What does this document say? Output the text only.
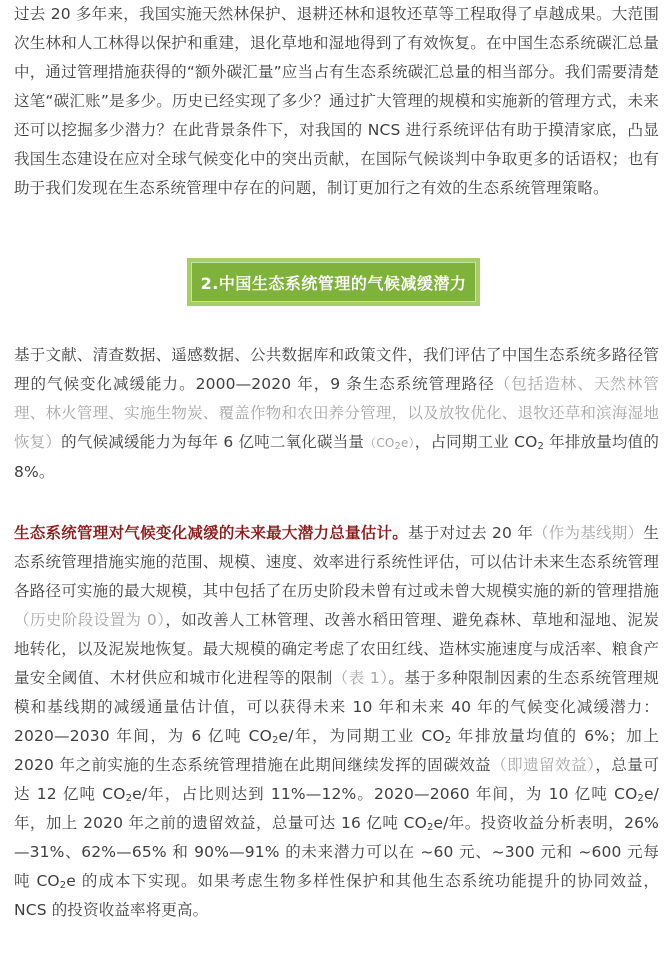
过去 20 多年来，我国实施天然林保护、退耕还林和退牧还草等工程取得了卓越成果。大范围次生林和人工林得以保护和重建，退化草地和湿地得到了有效恢复。在中国生态系统碳汇总量中，通过管理措施获得的“额外碳汇量”应当占有生态系统碳汇总量的相当部分。我们需要清楚这笔“碳汇账”是多少。历史已经实现了多少？通过扩大管理的规模和实施新的管理方式，未来还可以挖掘多少潜力？在此背景条件下，对我国的 NCS 进行系统评估有助于摸清家底，凸显我国生态建设在应对全球气候变化中的突出贡献，在国际气候谈判中争取更多的话语权；也有助于我们发现在生态系统管理中存在的问题，制订更加行之有效的生态系统管理策略。

2.中国生态系统管理的气候减缓潜力

基于文献、清查数据、遥感数据、公共数据库和政策文件，我们评估了中国生态系统多路径管理的气候变化减缓能力。2000—2020 年，9 条生态系统管理路径（包括造林、天然林管理、林火管理、实施生物炭、覆盖作物和农田养分管理，以及放牧优化、退牧还草和滨海湿地恢复）的气候减缓能力为每年 6 亿吨二氧化碳当量$(CO_2e)$，占同期工业 $CO_2$ 年排放量均值的 8%。

生态系统管理对气候变化减缓的未来最大潜力总量估计。基于对过去 20 年（作为基线期）生态系统管理措施实施的范围、规模、速度、效率进行系统性评估，可以估计未来生态系统管理各路径可实施的最大规模，其中包括了在历史阶段未曾有过或未曾大规模实施的新的管理措施（历史阶段设置为 0），如改善人工林管理、改善水稻田管理、避免森林、草地和湿地、泥炭地转化，以及泥炭地恢复。最大规模的确定考虑了农田红线、造林实施速度与成活率、粮食产量安全阈值、木材供应和城市化进程等的限制（表 1）。基于多种限制因素的生态系统管理规模和基线期的减缓通量估计值，可以获得未来 10 年和未来 40 年的气候变化减缓潜力：2020—2030 年间，为 6 亿吨 $CO_2e/$年，为同期工业 $CO_2$ 年排放量均值的 6%；加上 2020 年之前实施的生态系统管理措施在此期间继续发挥的固碳效益（即遗留效益），总量可达 12 亿吨 $CO_2e/$年，占比则达到 11%—12%。2020—2060 年间，为 10 亿吨 $CO_2e/$年，加上 2020 年之前的遗留效益，总量可达 16 亿吨 $CO_2e/$年。投资收益分析表明，26%—31%、62%—65% 和 90%—91% 的未来潜力可以在 ~60 元、~300 元和 ~600 元每吨 $CO_2e$ 的成本下实现。如果考虑生物多样性保护和其他生态系统功能提升的协同效益，NCS 的投资收益率将更高。
